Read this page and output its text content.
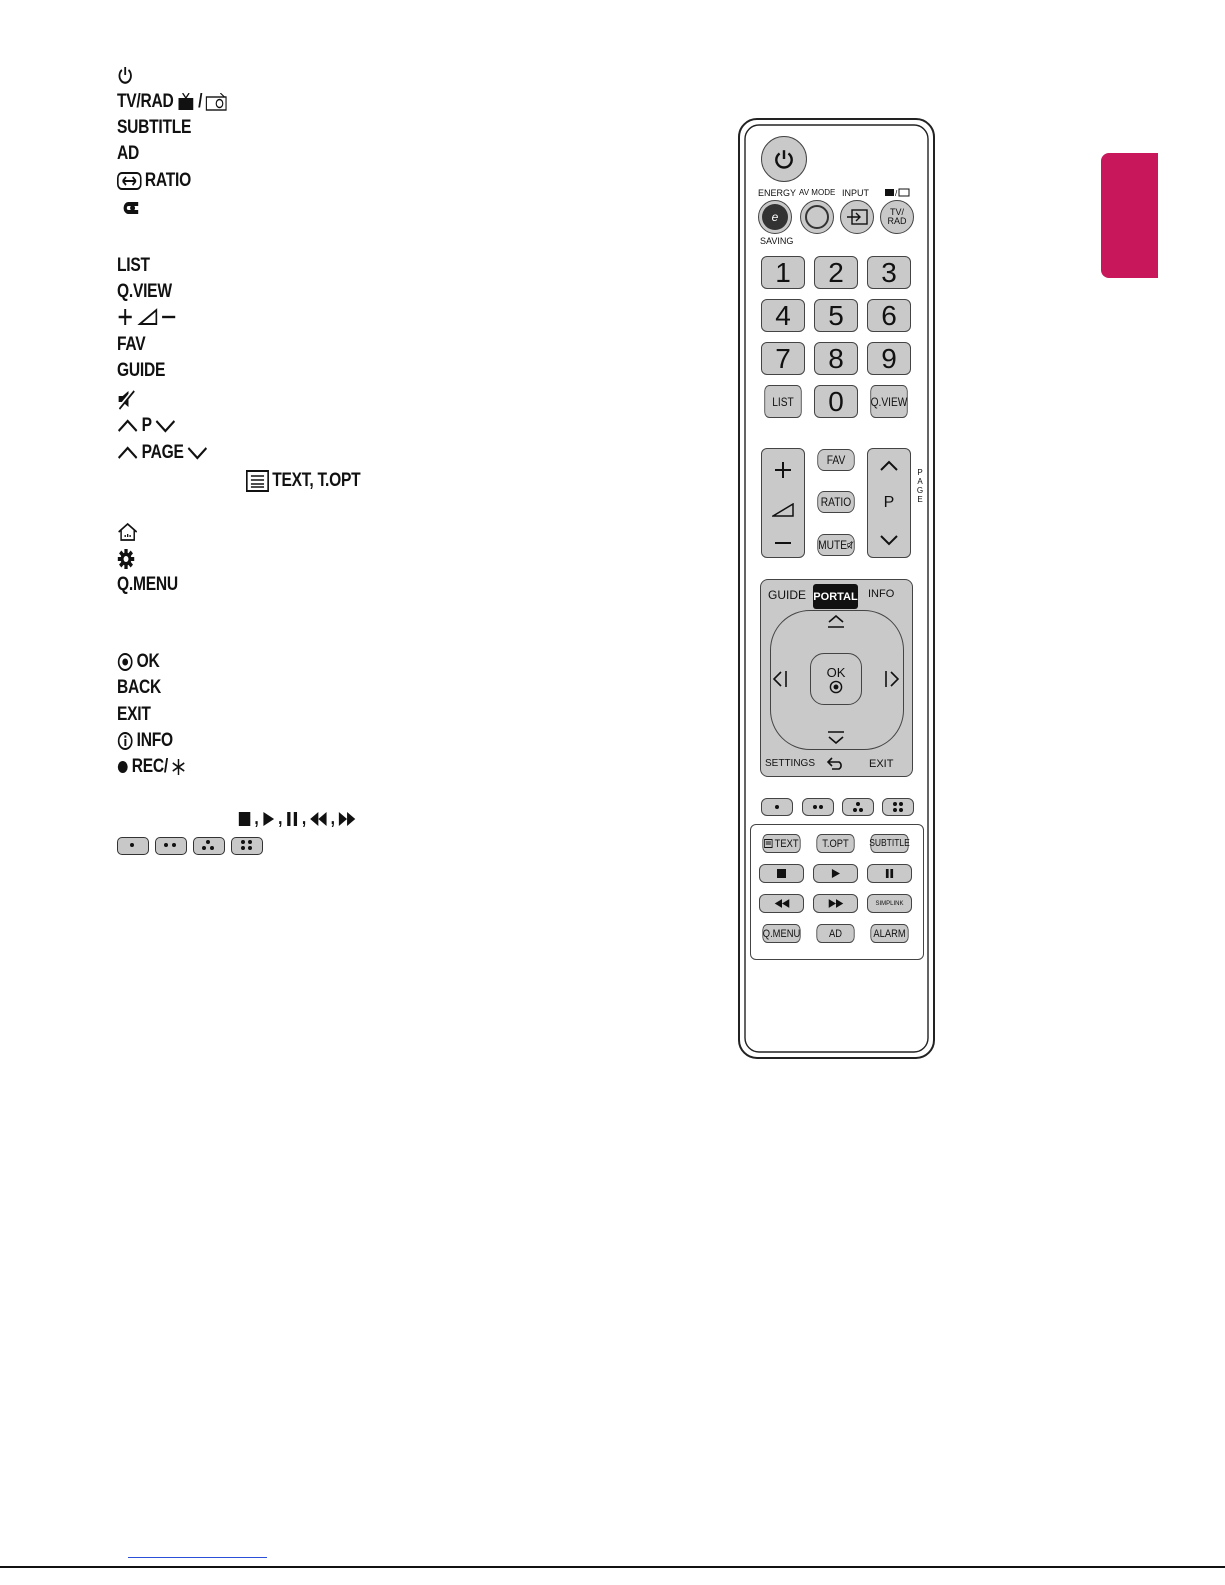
TV/RAD /
SUBTITLE
AD
RATIO
LIST
Q.VIEW
FAV
GUIDE
P
PAGE
TEXT, T.OPT
Q.MENU
OK
BACK
EXIT
INFO
REC/
, , , ,
ENERGY AV MODE INPUT	/
e	TV/
RAD
SAVING
1	2	3
4	5	6
7	8	9
LIST	0	Q.VIEW
FAV
RATIO
MUTE
P
PAGE
GUIDE PORTAL INFO
OK
SETTINGS	EXIT
TEXT	T.OPT	SUBTITLE
SIMPLINK
Q.MENU	AD	ALARM
